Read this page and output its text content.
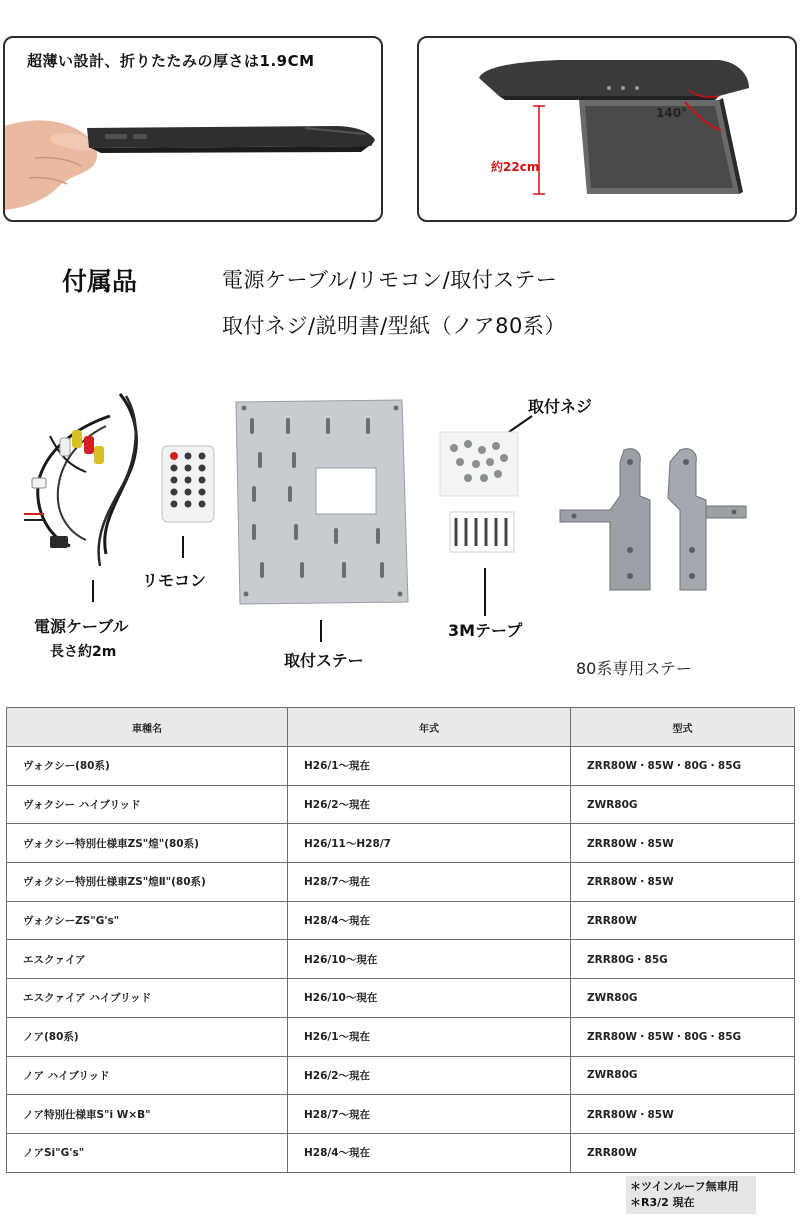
超薄い設計、折りたたみの厚さは1.9CM
140°
約22cm
付属品	電源ケーブル/リモコン/取付ステー
取付ネジ/説明書/型紙（ノア80系）
電源ケーブル
長さ約2m
リモコン
取付ステー
取付ネジ
3Mテープ
80系専用ステー
車種名	年式	型式
ヴォクシー(80系)	H26/1～現在	ZRR80W・85W・80G・85G
ヴォクシー ハイブリッド	H26/2～現在	ZWR80G
ヴォクシー特別仕様車ZS"煌"(80系)	H26/11～H28/7	ZRR80W・85W
ヴォクシー特別仕様車ZS"煌Ⅱ"(80系)	H28/7～現在	ZRR80W・85W
ヴォクシーZS"G's"	H28/4～現在	ZRR80W
エスクァイア	H26/10～現在	ZRR80G・85G
エスクァイア ハイブリッド	H26/10～現在	ZWR80G
ノア(80系)	H26/1～現在	ZRR80W・85W・80G・85G
ノア ハイブリッド	H26/2～現在	ZWR80G
ノア特別仕様車S"i W×B"	H28/7～現在	ZRR80W・85W
ノアSi"G's"	H28/4～現在	ZRR80W
＊ツインルーフ無車用
＊R3/2 現在
